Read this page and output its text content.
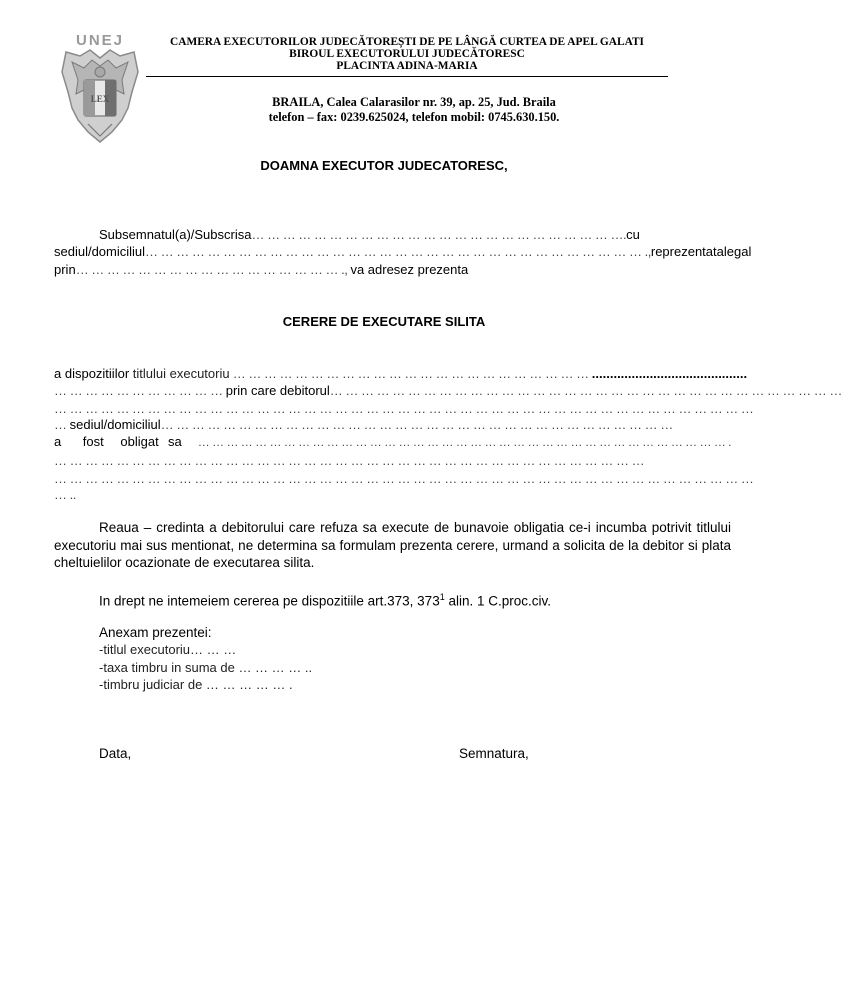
UNEJ
LEX
CAMERA EXECUTORILOR JUDECĂTOREȘTI DE PE LÂNGĂ CURTEA DE APEL GALATI
BIROUL EXECUTORULUI JUDECĂTORESC
PLACINTA ADINA-MARIA
BRAILA, Calea Calarasilor nr. 39, ap. 25, Jud. Braila
telefon – fax: 0239.625024, telefon mobil: 0745.630.150.
DOAMNA EXECUTOR JUDECATORESC,
Subsemnatul(a)/Subscrisa… … … … … … … … … … … … … … … … … … … … … … … ….cu
sediul/domiciliul… … … … … … … … … … … … … … … … … … … … … … … … … … … … … … … … ., reprezentata legal
prin… … … … … … … … … … … … … … … … … ., va adresez prezenta
CERERE DE EXECUTARE SILITA
a dispozitiilor titlului executoriu … … … … … … … … … … … … … … … … … … … … … … … ...........................................
… … … … … … … … … … … prin care debitorul… … … … … … … … … … … … … … … … … … … … … … … … … … … … … … … … …
… … … … … … … … … … … … … … … … … … … … … … … … … … … … … … … … … … … … … … … … … … … … …
… sediul/domiciliul… … … … … … … … … … … … … … … … … … … … … … … … … … … … … … … … …
a	fost	obligat sa	… … … … … … … … … … … … … … … … … … … … … … … … … … … … … … … … … … … … … .
… … … … … … … … … … … … … … … … … … … … … … … … … … … … … … … … … … … … … …
… … … … … … … … … … … … … … … … … … … … … … … … … … … … … … … … … … … … … … … … … … … … …
… ..
Reaua – credinta a debitorului care refuza sa execute de bunavoie obligatia ce-i incumba potrivit titlului executoriu mai sus mentionat, ne determina sa formulam prezenta cerere, urmand a solicita de la debitor si plata cheltuielilor ocazionate de executarea silita.
In drept ne intemeiem cererea pe dispozitiile art.373, $373^1$ alin. 1 C.proc.civ.
Anexam prezentei:
-titlul executoriu… … …
-taxa timbru in suma de … … … … ..
-timbru judiciar de … … … … … .
Data,	Semnatura,
